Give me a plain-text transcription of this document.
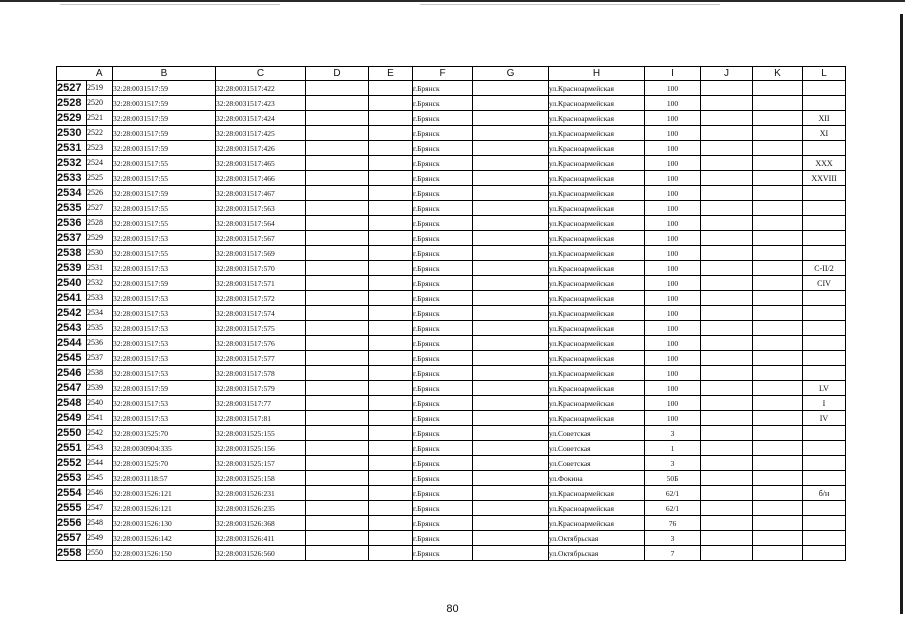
	A	B	C	D	E	F	G	H	I	J	K	L
2527	2519	32:28:0031517:59	32:28:0031517:422			г.Брянск		ул.Красноармейская	100			
2528	2520	32:28:0031517:59	32:28:0031517:423			г.Брянск		ул.Красноармейская	100			
2529	2521	32:28:0031517:59	32:28:0031517:424			г.Брянск		ул.Красноармейская	100			XII
2530	2522	32:28:0031517:59	32:28:0031517:425			г.Брянск		ул.Красноармейская	100			XI
2531	2523	32:28:0031517:59	32:28:0031517:426			г.Брянск		ул.Красноармейская	100			
2532	2524	32:28:0031517:55	32:28:0031517:465			г.Брянск		ул.Красноармейская	100			XXX
2533	2525	32:28:0031517:55	32:28:0031517:466			г.Брянск		ул.Красноармейская	100			XXVIII
2534	2526	32:28:0031517:59	32:28:0031517:467			г.Брянск		ул.Красноармейская	100			
2535	2527	32:28:0031517:55	32:28:0031517:563			г.Брянск		ул.Красноармейская	100			
2536	2528	32:28:0031517:55	32:28:0031517:564			г.Брянск		ул.Красноармейская	100			
2537	2529	32:28:0031517:53	32:28:0031517:567			г.Брянск		ул.Красноармейская	100			
2538	2530	32:28:0031517:55	32:28:0031517:569			г.Брянск		ул.Красноармейская	100			
2539	2531	32:28:0031517:53	32:28:0031517:570			г.Брянск		ул.Красноармейская	100			С-II/2
2540	2532	32:28:0031517:59	32:28:0031517:571			г.Брянск		ул.Красноармейская	100			CIV
2541	2533	32:28:0031517:53	32:28:0031517:572			г.Брянск		ул.Красноармейская	100			
2542	2534	32:28:0031517:53	32:28:0031517:574			г.Брянск		ул.Красноармейская	100			
2543	2535	32:28:0031517:53	32:28:0031517:575			г.Брянск		ул.Красноармейская	100			
2544	2536	32:28:0031517:53	32:28:0031517:576			г.Брянск		ул.Красноармейская	100			
2545	2537	32:28:0031517:53	32:28:0031517:577			г.Брянск		ул.Красноармейская	100			
2546	2538	32:28:0031517:53	32:28:0031517:578			г.Брянск		ул.Красноармейская	100			
2547	2539	32:28:0031517:59	32:28:0031517:579			г.Брянск		ул.Красноармейская	100			LV
2548	2540	32:28:0031517:53	32:28:0031517:77			г.Брянск		ул.Красноармейская	100			I
2549	2541	32:28:0031517:53	32:28:0031517:81			г.Брянск		ул.Красноармейская	100			IV
2550	2542	32:28:0031525:70	32:28:0031525:155			г.Брянск		ул.Советская	3			
2551	2543	32:28:0030904:335	32:28:0031525:156			г.Брянск		ул.Советская	1			
2552	2544	32:28:0031525:70	32:28:0031525:157			г.Брянск		ул.Советская	3			
2553	2545	32:28:0031118:57	32:28:0031525:158			г.Брянск		ул.Фокина	50Б			
2554	2546	32:28:0031526:121	32:28:0031526:231			г.Брянск		ул.Красноармейская	62/1			б/н
2555	2547	32:28:0031526:121	32:28:0031526:235			г.Брянск		ул.Красноармейская	62/1			
2556	2548	32:28:0031526:130	32:28:0031526:368			г.Брянск		ул.Красноармейская	76			
2557	2549	32:28:0031526:142	32:28:0031526:411			г.Брянск		ул.Октябрьская	3			
2558	2550	32:28:0031526:150	32:28:0031526:560			г.Брянск		ул.Октябрьская	7			
80
